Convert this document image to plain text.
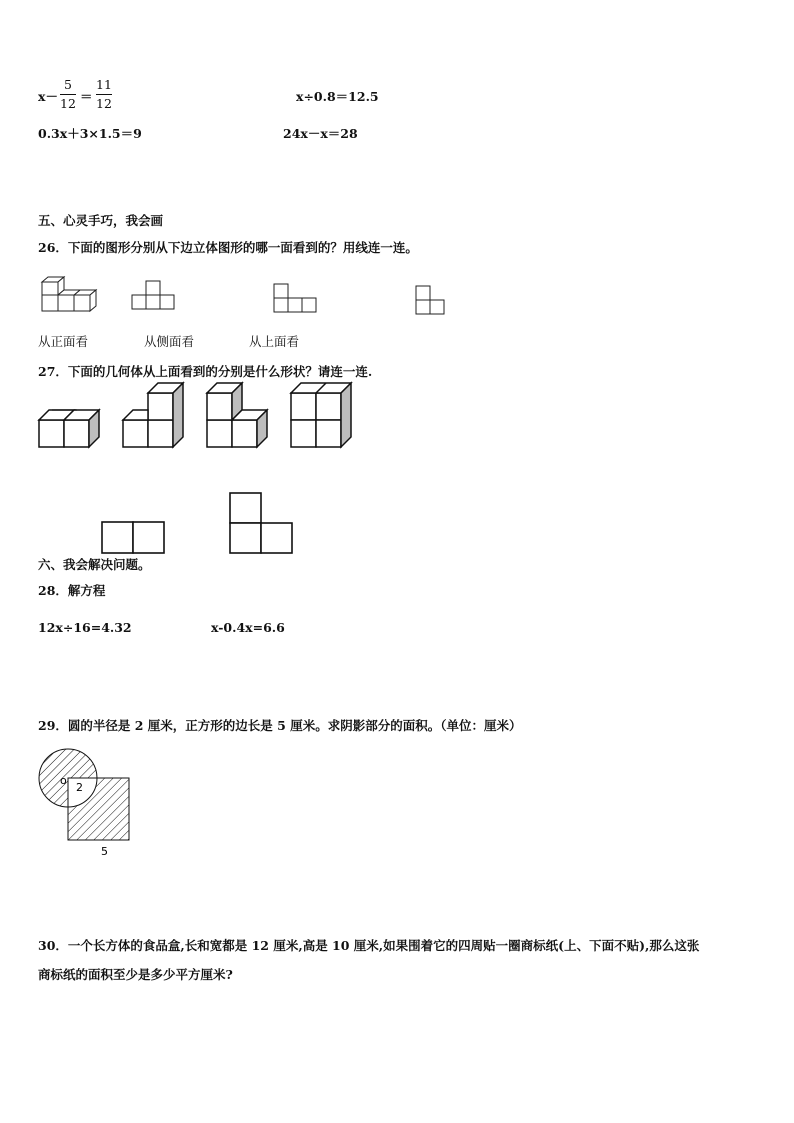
x－
5
12 ＝
11
12	x÷0.8＝12.5
0.3x＋3×1.5＝9	24x－x＝28
五、心灵手巧，我会画
26．下面的图形分别从下边立体图形的哪一面看到的？用线连一连。
从正面看	从侧面看	从上面看
27．下面的几何体从上面看到的分别是什么形状？请连一连.
六、我会解决问题。
28．解方程
12x÷16=4.32	x-0.4x=6.6
29．圆的半径是 2 厘米，正方形的边长是 5 厘米。求阴影部分的面积。（单位：厘米）
o
2
5
30．一个长方体的食品盒,长和宽都是 12 厘米,高是 10 厘米,如果围着它的四周贴一圈商标纸(上、下面不贴),那么这张
商标纸的面积至少是多少平方厘米?
